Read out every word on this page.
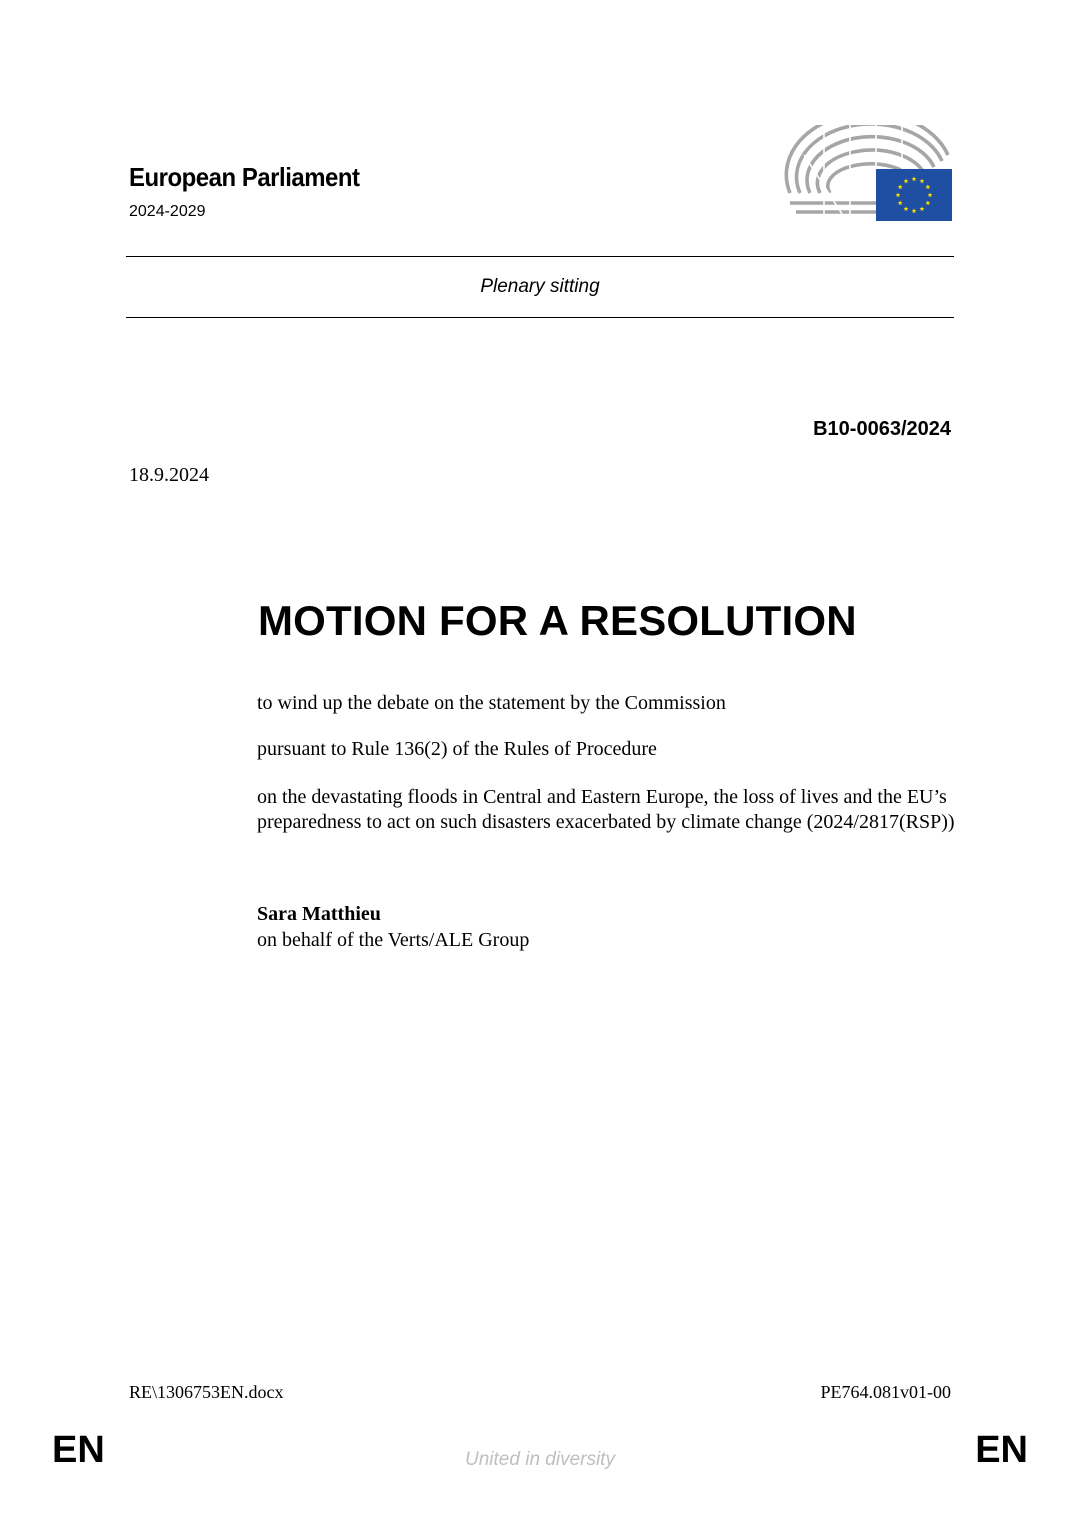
European Parliament
2024-2029
Plenary sitting
B10-0063/2024
18.9.2024
MOTION FOR A RESOLUTION
to wind up the debate on the statement by the Commission
pursuant to Rule 136(2) of the Rules of Procedure
on the devastating floods in Central and Eastern Europe, the loss of lives and the EU’s preparedness to act on such disasters exacerbated by climate change (2024/2817(RSP))
Sara Matthieu
on behalf of the Verts/ALE Group
RE\1306753EN.docx	PE764.081v01-00
EN	United in diversity	EN
